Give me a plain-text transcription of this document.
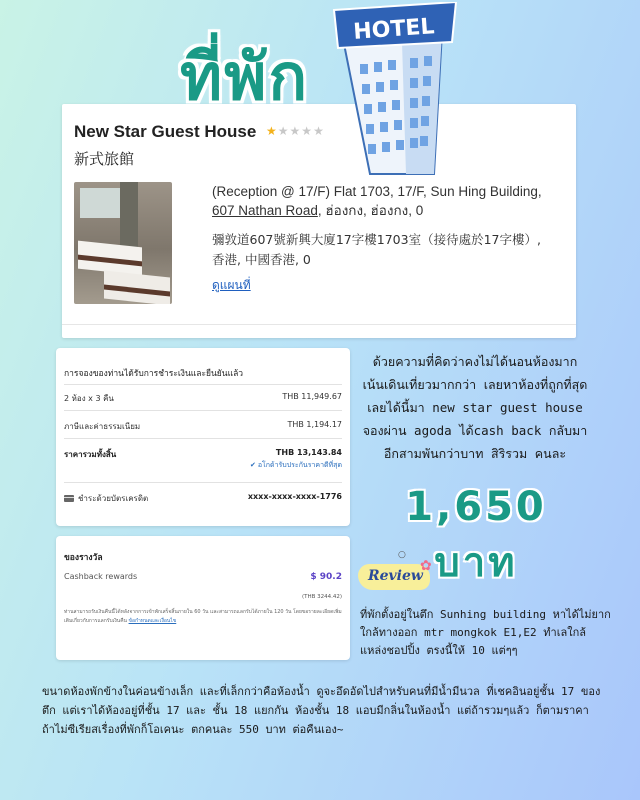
HOTEL
ที่พัก
New Star Guest House ★★★★★
新式旅館
(Reception @ 17/F) Flat 1703, 17/F, Sun Hing Building, 607 Nathan Road, ฮ่องกง, ฮ่องกง, 0
彌敦道607號新興大廈17字樓1703室（接待處於17字樓）, 香港, 中國香港, 0
ดูแผนที่
การจองของท่านได้รับการชำระเงินและยืนยันแล้ว
2 ห้อง x 3 คืน	THB 11,949.67
ภาษีและค่าธรรมเนียม	THB 1,194.17
ราคารวมทั้งสิ้น	THB 13,143.84
✔ อโกด้ารับประกันราคาดีที่สุด
ชำระด้วยบัตรเครดิต	xxxx-xxxx-xxxx-1776
ของรางวัล
Cashback rewards	$ 90.2
(THB 3244.42)
ท่านสามารถรับเงินคืนนี้ได้หลังจากการเข้าพักเสร็จสิ้นภายใน 60 วัน และสามารถแลกรับได้ภายใน 120 วัน โดยขอรายละเอียดเพิ่มเติมเกี่ยวกับการแลกรับเงินคืน ข้อกำหนดและเงื่อนไข
ด้วยความที่คิดว่าคงไม่ได้นอนห้องมาก เน้นเดินเที่ยวมากกว่า เลยหาห้องที่ถูกที่สุด เลยได้นี้มา new star guest house จองผ่าน agoda ได้cash back กลับมาอีกสามพันกว่าบาท สิริรวม คนละ
1,650 บาท
○
Review
✿
ที่พักตั้งอยู่ในตึก Sunhing building หาได้ไม่ยาก ใกล้ทางออก mtr mongkok E1,E2 ทำเลใกล้แหล่งชอปปิ้ง ตรงนี้ให้ 10 แต่ๆๆ
ขนาดห้องพักข้างในค่อนข้างเล็ก และที่เล็กกว่าคือห้องน้ำ ดูจะอึดอัดไปสำหรับคนที่มีน้ำมีนวล ที่เชคอินอยู่ชั้น 17 ของตึก แต่เราได้ห้องอยู่ที่ชั้น 17 และ ชั้น 18 แยกกัน ห้องชั้น 18 แอบมีกลิ่นในห้องน้ำ แต่ถ้ารวมๆแล้ว ก็ตามราคา ถ้าไม่ซีเรียสเรื่องที่พักก็โอเคนะ ตกคนละ 550 บาท ต่อคืนเอง~
